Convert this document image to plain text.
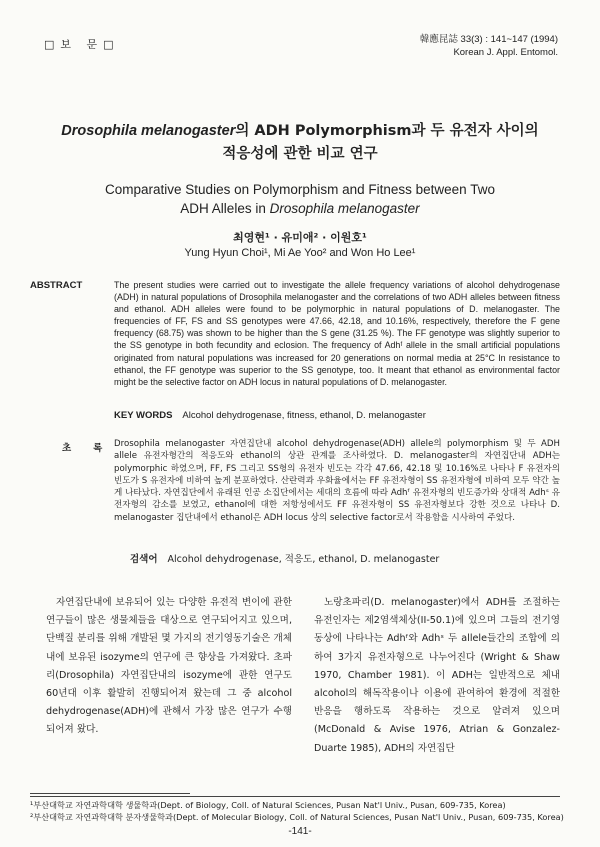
□보 문□	韓應昆誌 33(3) : 141~147 (1994)
Korean J. Appl. Entomol.
Drosophila melanogaster의 ADH Polymorphism과 두 유전자 사이의
적응성에 관한 비교 연구
Comparative Studies on Polymorphism and Fitness between Two
ADH Alleles in Drosophila melanogaster
최영현¹ · 유미애² · 이원호¹
Yung Hyun Choi¹, Mi Ae Yoo² and Won Ho Lee¹
ABSTRACT	The present studies were carried out to investigate the allele frequency variations of alcohol dehydrogenase (ADH) in natural populations of Drosophila melanogaster and the correlations of two ADH alleles between fitness and ethanol. ADH alleles were found to be polymorphic in natural populations of D. melanogaster. The frequencies of FF, FS and SS genotypes were 47.66, 42.18, and 10.16%, respectively, therefore the F gene frequency (68.75) was shown to be higher than the S gene (31.25 %). The FF genotype was slightly superior to the SS genotype in both fecundity and eclosion. The frequency of Adhᶠ allele in the small artificial populations originated from natural populations was increased for 20 generations on normal media at 25°C In resistance to ethanol, the FF genotype was superior to the SS genotype, too. It meant that ethanol as environmental factor might be the selective factor on ADH locus in natural populations of D. melanogaster.
KEY WORDS Alcohol dehydrogenase, fitness, ethanol, D. melanogaster
초록
Drosophila melanogaster 자연집단내 alcohol dehydrogenase(ADH) allele의 polymorphism 및 두 ADH allele 유전자형간의 적응도와 ethanol의 상관 관계를 조사하였다. D. melanogaster의 자연집단내 ADH는 polymorphic 하였으며, FF, FS 그리고 SS형의 유전자 빈도는 각각 47.66, 42.18 및 10.16%로 나타나 F 유전자의 빈도가 S 유전자에 비하여 높게 분포하였다. 산란력과 우화율에서는 FF 유전자형이 SS 유전자형에 비하여 모두 약간 높게 나타났다. 자연집단에서 유래된 인공 소집단에서는 세대의 흐름에 따라 Adhᶠ 유전자형의 빈도증가와 상대적 Adhˢ 유전자형의 감소를 보였고, ethanol에 대한 저항성에서도 FF 유전자형이 SS 유전자형보다 강한 것으로 나타나 D. melanogaster 집단내에서 ethanol은 ADH locus 상의 selective factor로서 작용함을 시사하여 주었다.
검색어 Alcohol dehydrogenase, 적응도, ethanol, D. melanogaster
자연집단내에 보유되어 있는 다양한 유전적 변이에 관한 연구들이 많은 생물체들을 대상으로 연구되어지고 있으며, 단백질 분리를 위해 개발된 몇 가지의 전기영동기술은 개체내에 보유된 isozyme의 연구에 큰 향상을 가져왔다. 초파리(Drosophila) 자연집단내의 isozyme에 관한 연구도 60년대 이후 활발히 진행되어져 왔는데 그 중 alcohol dehydrogenase(ADH)에 관해서 가장 많은 연구가 수행되어져 왔다.
노랑초파리(D. melanogaster)에서 ADH를 조절하는 유전인자는 제2염색체상(II-50.1)에 있으며 그들의 전기영동상에 나타나는 Adhᶠ와 Adhˢ 두 allele들간의 조합에 의하여 3가지 유전자형으로 나누어진다 (Wright & Shaw 1970, Chamber 1981). 이 ADH는 일반적으로 체내 alcohol의 해독작용이나 이용에 관여하여 환경에 적절한 반응을 행하도록 작용하는 것으로 알려져 있으며(McDonald & Avise 1976, Atrian & Gonzalez-Duarte 1985), ADH의 자연집단
¹부산대학교 자연과학대학 생물학과(Dept. of Biology, Coll. of Natural Sciences, Pusan Nat'l Univ., Pusan, 609-735, Korea)
²부산대학교 자연과학대학 분자생물학과(Dept. of Molecular Biology, Coll. of Natural Sciences, Pusan Nat'l Univ., Pusan, 609-735, Korea)
-141-
